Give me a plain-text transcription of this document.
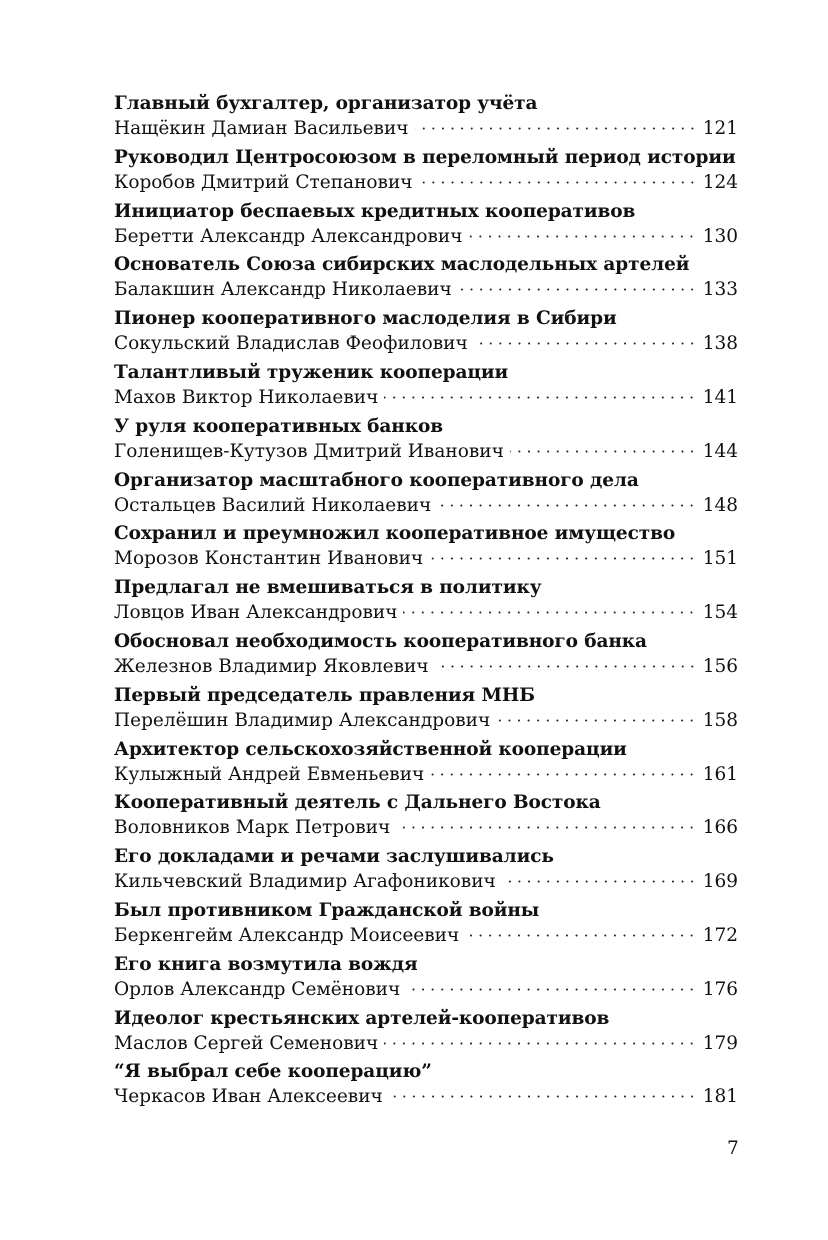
Главный бухгалтер, организатор учёта
Нащёкин Дамиан Васильевич	121
Руководил Центросоюзом в переломный период истории
Коробов Дмитрий Степанович	124
Инициатор беспаевых кредитных кооперативов
Беретти Александр Александрович	130
Основатель Союза сибирских маслодельных артелей
Балакшин Александр Николаевич	133
Пионер кооперативного маслоделия в Сибири
Сокульский Владислав Феофилович	138
Талантливый труженик кооперации
Махов Виктор Николаевич	141
У руля кооперативных банков
Голенищев-Кутузов Дмитрий Иванович	144
Организатор масштабного кооперативного дела
Остальцев Василий Николаевич	148
Сохранил и преумножил кооперативное имущество
Морозов Константин Иванович	151
Предлагал не вмешиваться в политику
Ловцов Иван Александрович	154
Обосновал необходимость кооперативного банка
Железнов Владимир Яковлевич	156
Первый председатель правления МНБ
Перелёшин Владимир Александрович	158
Архитектор сельскохозяйственной кооперации
Кулыжный Андрей Евменьевич	161
Кооперативный деятель с Дальнего Востока
Воловников Марк Петрович	166
Его докладами и речами заслушивались
Кильчевский Владимир Агафоникович	169
Был противником Гражданской войны
Беркенгейм Александр Моисеевич	172
Его книга возмутила вождя
Орлов Александр Семёнович	176
Идеолог крестьянских артелей-кооперативов
Маслов Сергей Семенович	179
“Я выбрал себе кооперацию”
Черкасов Иван Алексеевич	181
7
